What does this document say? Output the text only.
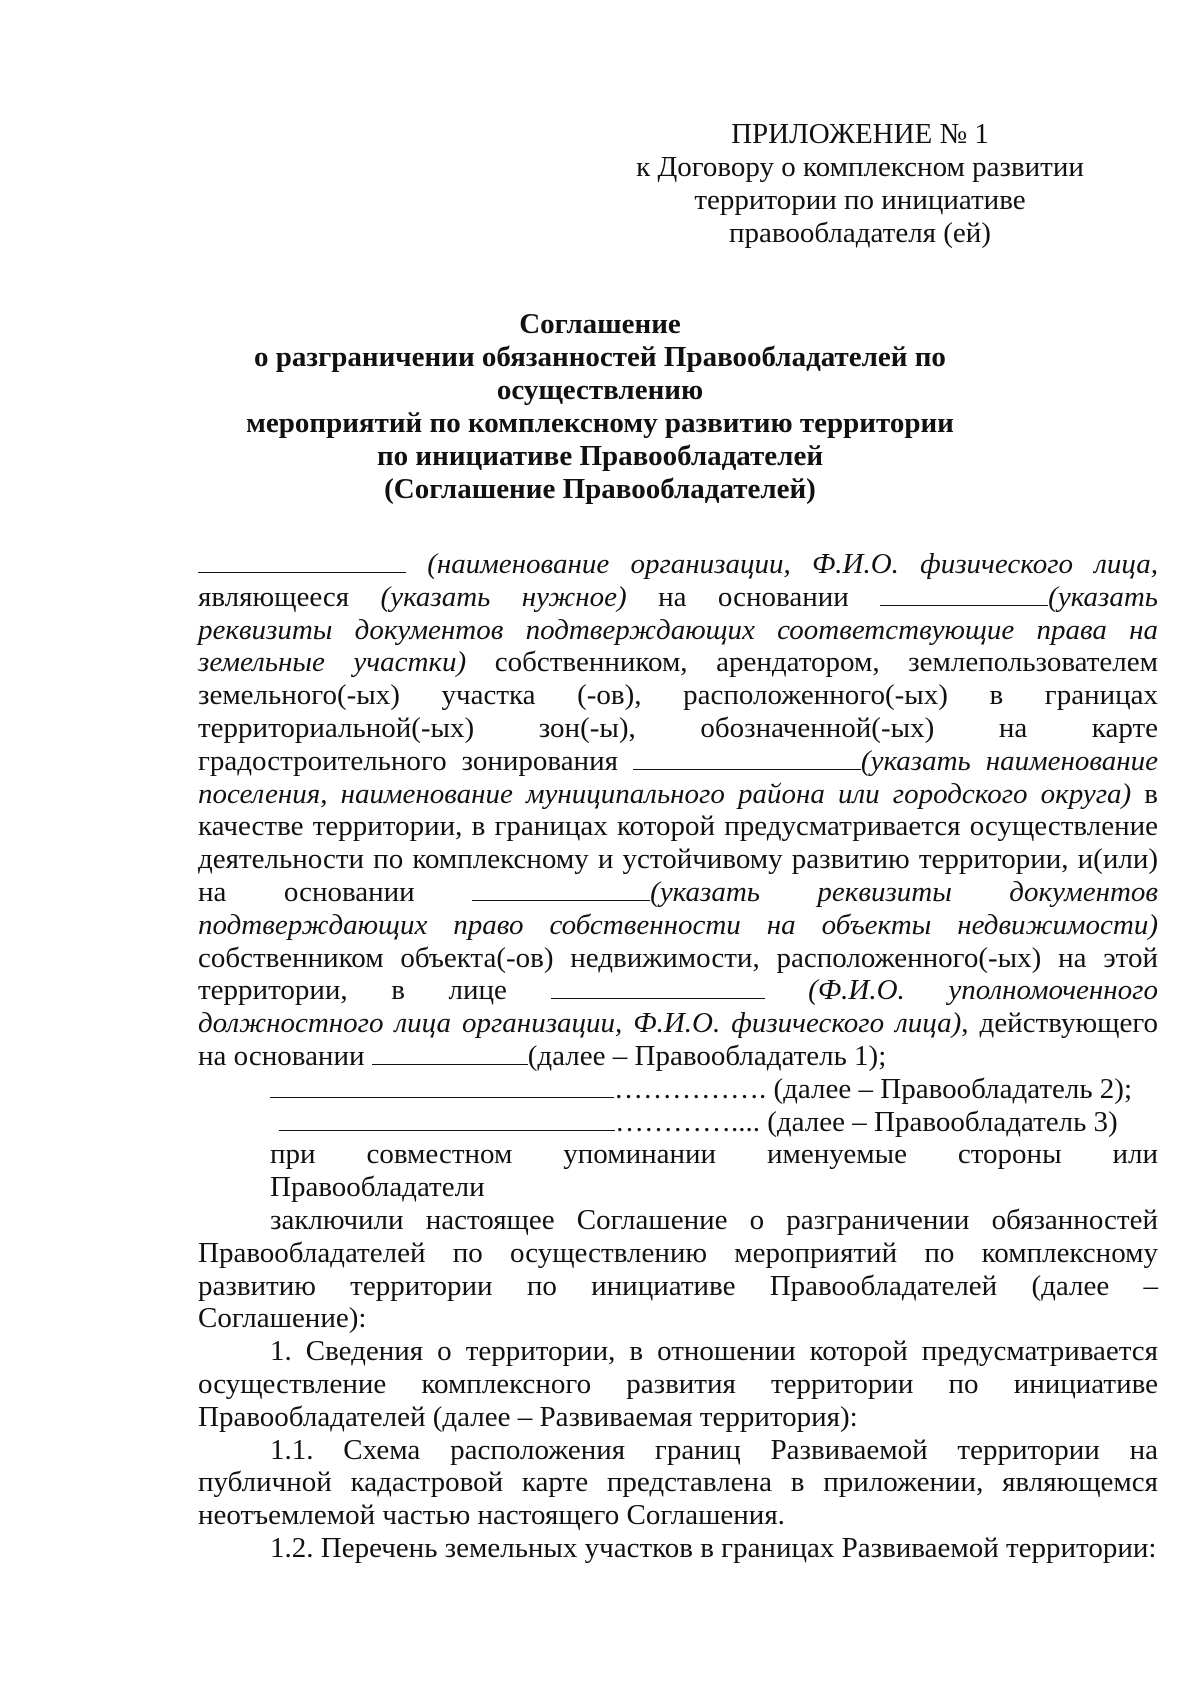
ПРИЛОЖЕНИЕ № 1
к Договору о комплексном развитии
территории по инициативе
правообладателя (ей)
Соглашение
о разграничении обязанностей Правообладателей по осуществлению
мероприятий по комплексному развитию территории
по инициативе Правообладателей
(Соглашение Правообладателей)

(наименование организации, Ф.И.О. физического лица, являющееся (указать нужное) на основании	(указать реквизиты документов подтверждающих соответствующие права на земельные участки) собственником, арендатором, землепользователем земельного(-ых) участка (-ов), расположенного(-ых) в границах территориальной(-ых) зон(-ы), обозначенной(-ых) на карте градостроительного зонирования	(указать наименование поселения, наименование муниципального района или городского округа) в качестве территории, в границах которой предусматривается осуществление деятельности по комплексному и устойчивому развитию территории, и(или) на основании	(указать реквизиты документов подтверждающих право собственности на объекты недвижимости) собственником объекта(-ов) недвижимости, расположенного(-ых) на этой территории, в лице	(Ф.И.О. уполномоченного должностного лица организации, Ф.И.О. физического лица), действующего на основании	(далее – Правообладатель 1);

……………. (далее – Правообладатель 2);

………….... (далее – Правообладатель 3)

при совместном упоминании именуемые стороны или Правообладатели

заключили настоящее Соглашение о разграничении обязанностей Правообладателей по осуществлению мероприятий по комплексному развитию территории по инициативе Правообладателей (далее – Соглашение):

1. Сведения о территории, в отношении которой предусматривается осуществление комплексного развития территории по инициативе Правообладателей (далее – Развиваемая территория):

1.1. Схема расположения границ Развиваемой территории на публичной кадастровой карте представлена в приложении, являющемся неотъемлемой частью настоящего Соглашения.

1.2. Перечень земельных участков в границах Развиваемой территории:
